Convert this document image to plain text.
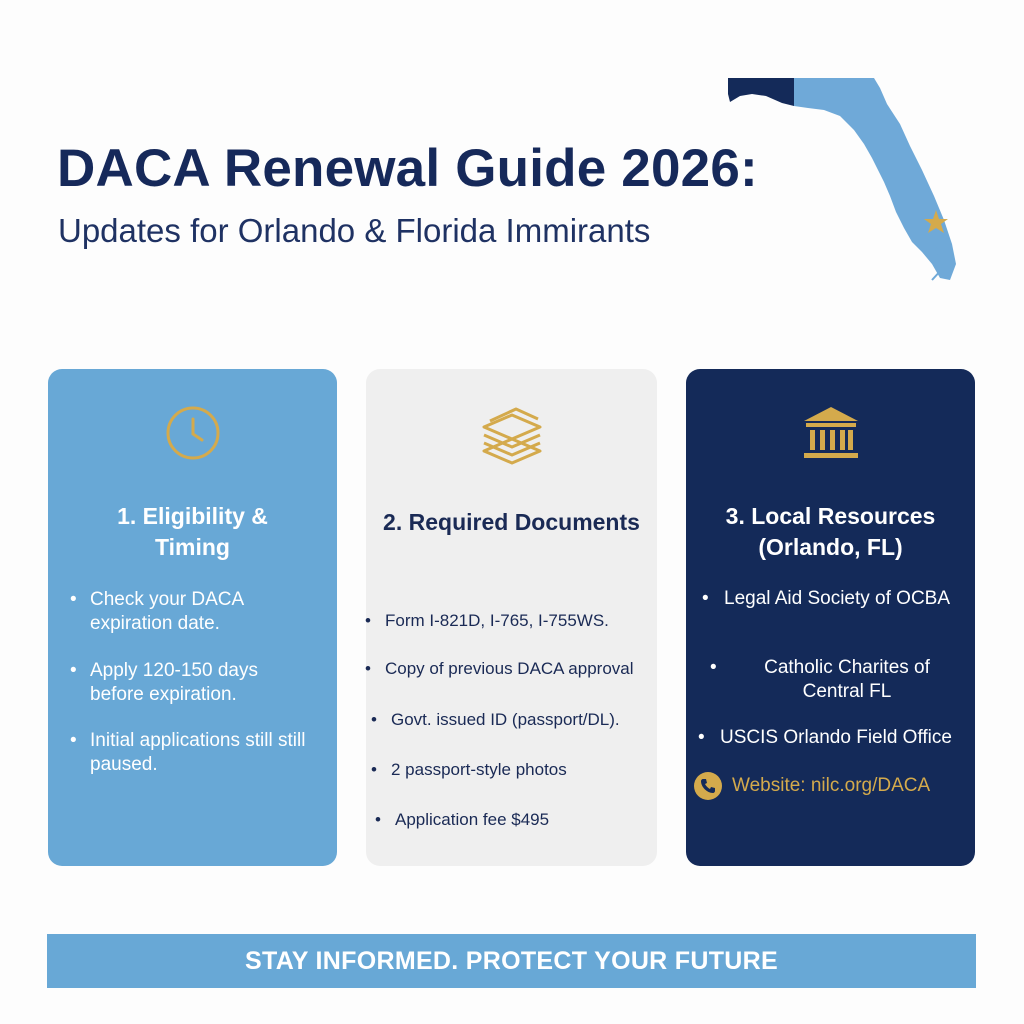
DACA Renewal Guide 2026:
Updates for Orlando & Florida Immirants
1. Eligibility & Timing
• Check your DACA expiration date.
• Apply 120-150 days before expiration.
• Initial applications still still paused.
2. Required Documents
• Form I-821D, I-765, I-755WS.
• Copy of previous DACA approval
• Govt. issued ID (passport/DL).
• 2 passport-style photos
• Application fee $495
3. Local Resources (Orlando, FL)
• Legal Aid Society of OCBA
• Catholic Charites of Central FL
• USCIS Orlando Field Office
Website: nilc.org/DACA
STAY INFORMED. PROTECT YOUR FUTURE
